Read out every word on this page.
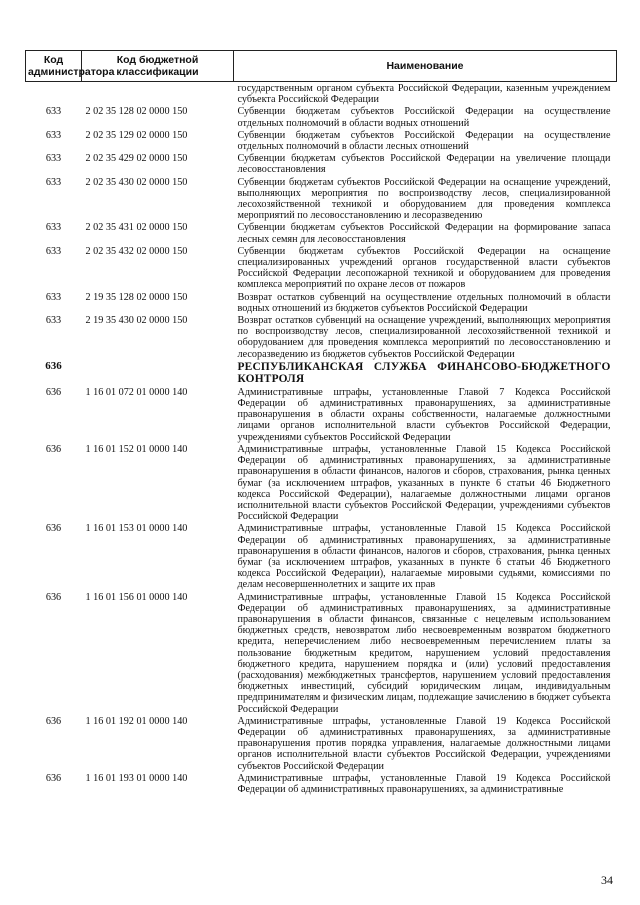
Код администратора	Код бюджетной классификации	Наименование
		государственным органом субъекта Российской Федерации, казенным учреждением субъекта Российской Федерации
633	2 02 35 128 02 0000 150	Субвенции бюджетам субъектов Российской Федерации на осуществление отдельных полномочий в области водных отношений
633	2 02 35 129 02 0000 150	Субвенции бюджетам субъектов Российской Федерации на осуществление отдельных полномочий в области лесных отношений
633	2 02 35 429 02 0000 150	Субвенции бюджетам субъектов Российской Федерации на увеличение площади лесовосстановления
633	2 02 35 430 02 0000 150	Субвенции бюджетам субъектов Российской Федерации на оснащение учреждений, выполняющих мероприятия по воспроизводству лесов, специализированной лесохозяйственной техникой и оборудованием для проведения комплекса мероприятий по лесовосстановлению и лесоразведению
633	2 02 35 431 02 0000 150	Субвенции бюджетам субъектов Российской Федерации на формирование запаса лесных семян для лесовосстановления
633	2 02 35 432 02 0000 150	Субвенции бюджетам субъектов Российской Федерации на оснащение специализированных учреждений органов государственной власти субъектов Российской Федерации лесопожарной техникой и оборудованием для проведения комплекса мероприятий по охране лесов от пожаров
633	2 19 35 128 02 0000 150	Возврат остатков субвенций на осуществление отдельных полномочий в области водных отношений из бюджетов субъектов Российской Федерации
633	2 19 35 430 02 0000 150	Возврат остатков субвенций на оснащение учреждений, выполняющих мероприятия по воспроизводству лесов, специализированной лесохозяйственной техникой и оборудованием для проведения комплекса мероприятий по лесовосстановлению и лесоразведению из бюджетов субъектов Российской Федерации
636		РЕСПУБЛИКАНСКАЯ СЛУЖБА ФИНАНСОВО-БЮДЖЕТНОГО КОНТРОЛЯ
636	1 16 01 072 01 0000 140	Административные штрафы, установленные Главой 7 Кодекса Российской Федерации об административных правонарушениях, за административные правонарушения в области охраны собственности, налагаемые должностными лицами органов исполнительной власти субъектов Российской Федерации, учреждениями субъектов Российской Федерации
636	1 16 01 152 01 0000 140	Административные штрафы, установленные Главой 15 Кодекса Российской Федерации об административных правонарушениях, за административные правонарушения в области финансов, налогов и сборов, страхования, рынка ценных бумаг (за исключением штрафов, указанных в пункте 6 статьи 46 Бюджетного кодекса Российской Федерации), налагаемые должностными лицами органов исполнительной власти субъектов Российской Федерации, учреждениями субъектов Российской Федерации
636	1 16 01 153 01 0000 140	Административные штрафы, установленные Главой 15 Кодекса Российской Федерации об административных правонарушениях, за административные правонарушения в области финансов, налогов и сборов, страхования, рынка ценных бумаг (за исключением штрафов, указанных в пункте 6 статьи 46 Бюджетного кодекса Российской Федерации), налагаемые мировыми судьями, комиссиями по делам несовершеннолетних и защите их прав
636	1 16 01 156 01 0000 140	Административные штрафы, установленные Главой 15 Кодекса Российской Федерации об административных правонарушениях, за административные правонарушения в области финансов, связанные с нецелевым использованием бюджетных средств, невозвратом либо несвоевременным возвратом бюджетного кредита, неперечислением либо несвоевременным перечислением платы за пользование бюджетным кредитом, нарушением условий предоставления бюджетного кредита, нарушением порядка и (или) условий предоставления (расходования) межбюджетных трансфертов, нарушением условий предоставления бюджетных инвестиций, субсидий юридическим лицам, индивидуальным предпринимателям и физическим лицам, подлежащие зачислению в бюджет субъекта Российской Федерации
636	1 16 01 192 01 0000 140	Административные штрафы, установленные Главой 19 Кодекса Российской Федерации об административных правонарушениях, за административные правонарушения против порядка управления, налагаемые должностными лицами органов исполнительной власти субъектов Российской Федерации, учреждениями субъектов Российской Федерации
636	1 16 01 193 01 0000 140	Административные штрафы, установленные Главой 19 Кодекса Российской Федерации об административных правонарушениях, за административные
34
